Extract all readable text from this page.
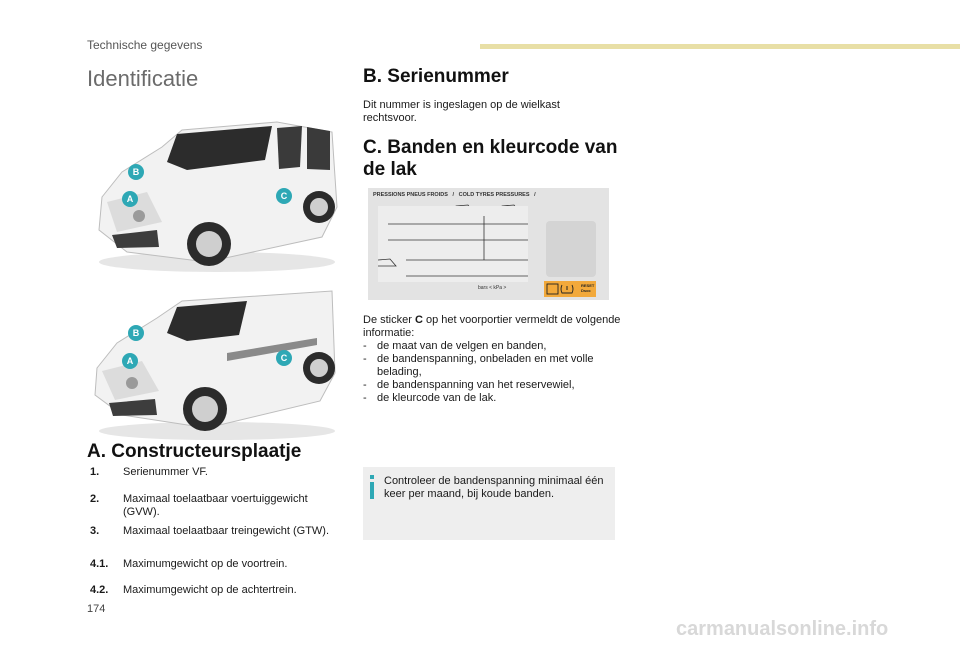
Technische gegevens
Identificatie
B
A	C
B
A	C
B. Serienummer
Dit nummer is ingeslagen op de wielkast rechtsvoor.
C. Banden en kleurcode van de lak
PRESSIONS PNEUS FROIDS / COLD TYRES PRESSURES /
bars < kPa >	RESET
Dsoc
De sticker C op het voorportier vermeldt de volgende informatie:
- de maat van de velgen en banden,
- de bandenspanning, onbeladen en met volle belading,
- de bandenspanning van het reservewiel,
- de kleurcode van de lak.
Controleer de bandenspanning minimaal één keer per maand, bij koude banden.
A. Constructeursplaatje
1. Serienummer VF.
2. Maximaal toelaatbaar voertuiggewicht (GVW).
3. Maximaal toelaatbaar treingewicht (GTW).
4.1. Maximumgewicht op de voortrein.
4.2. Maximumgewicht op de achtertrein.
174
carmanualsonline.info
